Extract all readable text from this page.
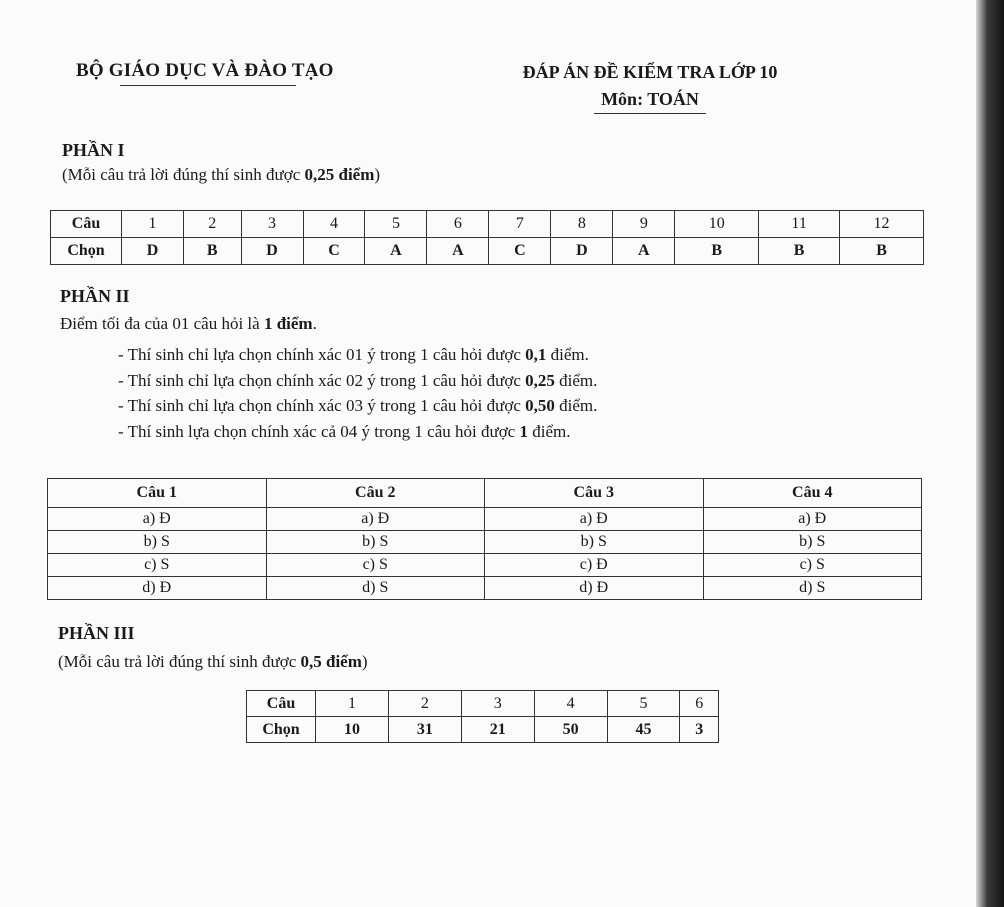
BỘ GIÁO DỤC VÀ ĐÀO TẠO	ĐÁP ÁN ĐỀ KIỂM TRA LỚP 10
Môn: TOÁN
PHẦN I
(Mỗi câu trả lời đúng thí sinh được 0,25 điểm)
Câu	1	2	3	4	5	6	7	8	9	10	11	12
Chọn	D	B	D	C	A	A	C	D	A	B	B	B
PHẦN II
Điểm tối đa của 01 câu hỏi là 1 điểm.
- Thí sinh chỉ lựa chọn chính xác 01 ý trong 1 câu hỏi được 0,1 điểm.
- Thí sinh chỉ lựa chọn chính xác 02 ý trong 1 câu hỏi được 0,25 điểm.
- Thí sinh chỉ lựa chọn chính xác 03 ý trong 1 câu hỏi được 0,50 điểm.
- Thí sinh lựa chọn chính xác cả 04 ý trong 1 câu hỏi được 1 điểm.
Câu 1	Câu 2	Câu 3	Câu 4
a) Đ	a) Đ	a) Đ	a) Đ
b) S	b) S	b) S	b) S
c) S	c) S	c) Đ	c) S
d) Đ	d) S	d) Đ	d) S
PHẦN III
(Mỗi câu trả lời đúng thí sinh được 0,5 điểm)
Câu	1	2	3	4	5	6
Chọn	10	31	21	50	45	3
